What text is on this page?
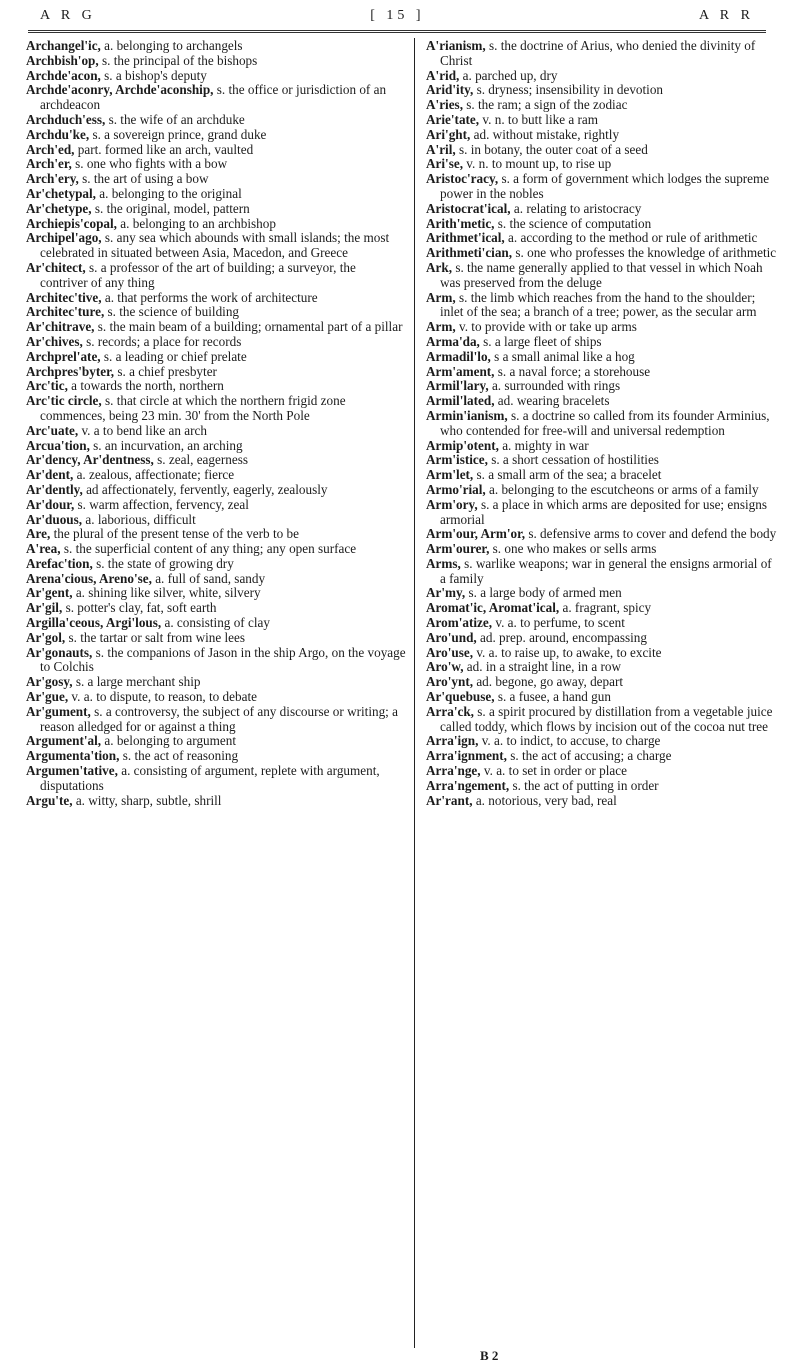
A R G	[ 15 ]	A R R

Archangel'ic, a. belonging to archangels

Archbish'op, s. the principal of the bishops

Archde'acon, s. a bishop's deputy

Archde'aconry, Archde'aconship, s. the office or jurisdiction of an archdeacon

Archduch'ess, s. the wife of an archduke

Archdu'ke, s. a sovereign prince, grand duke

Arch'ed, part. formed like an arch, vaulted

Arch'er, s. one who fights with a bow

Arch'ery, s. the art of using a bow

Ar'chetypal, a. belonging to the original

Ar'chetype, s. the original, model, pattern

Archiepis'copal, a. belonging to an archbishop

Archipel'ago, s. any sea which abounds with small islands; the most celebrated in situated between Asia, Macedon, and Greece

Ar'chitect, s. a professor of the art of building; a surveyor, the contriver of any thing

Architec'tive, a. that performs the work of architecture

Architec'ture, s. the science of building

Ar'chitrave, s. the main beam of a building; ornamental part of a pillar

Ar'chives, s. records; a place for records

Archprel'ate, s. a leading or chief prelate

Archpres'byter, s. a chief presbyter

Arc'tic, a towards the north, northern

Arc'tic circle, s. that circle at which the northern frigid zone commences, being 23 min. 30' from the North Pole

Arc'uate, v. a to bend like an arch

Arcua'tion, s. an incurvation, an arching

Ar'dency, Ar'dentness, s. zeal, eagerness

Ar'dent, a. zealous, affectionate; fierce

Ar'dently, ad affectionately, fervently, eagerly, zealously

Ar'dour, s. warm affection, fervency, zeal

Ar'duous, a. laborious, difficult

Are, the plural of the present tense of the verb to be

A'rea, s. the superficial content of any thing; any open surface

Arefac'tion, s. the state of growing dry

Arena'cious, Areno'se, a. full of sand, sandy

Ar'gent, a. shining like silver, white, silvery

Ar'gil, s. potter's clay, fat, soft earth

Argilla'ceous, Argi'lous, a. consisting of clay

Ar'gol, s. the tartar or salt from wine lees

Ar'gonauts, s. the companions of Jason in the ship Argo, on the voyage to Colchis

Ar'gosy, s. a large merchant ship

Ar'gue, v. a. to dispute, to reason, to debate

Ar'gument, s. a controversy, the subject of any discourse or writing; a reason alledged for or against a thing

Argument'al, a. belonging to argument

Argumenta'tion, s. the act of reasoning

Argumen'tative, a. consisting of argument, replete with argument, disputations

Argu'te, a. witty, sharp, subtle, shrill

A'rianism, s. the doctrine of Arius, who denied the divinity of Christ

A'rid, a. parched up, dry

Arid'ity, s. dryness; insensibility in devotion

A'ries, s. the ram; a sign of the zodiac

Arie'tate, v. n. to butt like a ram

Ari'ght, ad. without mistake, rightly

A'ril, s. in botany, the outer coat of a seed

Ari'se, v. n. to mount up, to rise up

Aristoc'racy, s. a form of government which lodges the supreme power in the nobles

Aristocrat'ical, a. relating to aristocracy

Arith'metic, s. the science of computation

Arithmet'ical, a. according to the method or rule of arithmetic

Arithmeti'cian, s. one who professes the knowledge of arithmetic

Ark, s. the name generally applied to that vessel in which Noah was preserved from the deluge

Arm, s. the limb which reaches from the hand to the shoulder; inlet of the sea; a branch of a tree; power, as the secular arm

Arm, v. to provide with or take up arms

Arma'da, s. a large fleet of ships

Armadil'lo, s a small animal like a hog

Arm'ament, s. a naval force; a storehouse

Armil'lary, a. surrounded with rings

Armil'lated, ad. wearing bracelets

Armin'ianism, s. a doctrine so called from its founder Arminius, who contended for free-will and universal redemption

Armip'otent, a. mighty in war

Arm'istice, s. a short cessation of hostilities

Arm'let, s. a small arm of the sea; a bracelet

Armo'rial, a. belonging to the escutcheons or arms of a family

Arm'ory, s. a place in which arms are deposited for use; ensigns armorial

Arm'our, Arm'or, s. defensive arms to cover and defend the body

Arm'ourer, s. one who makes or sells arms

Arms, s. warlike weapons; war in general the ensigns armorial of a family

Ar'my, s. a large body of armed men

Aromat'ic, Aromat'ical, a. fragrant, spicy

Arom'atize, v. a. to perfume, to scent

Aro'und, ad. prep. around, encompassing

Aro'use, v. a. to raise up, to awake, to excite

Aro'w, ad. in a straight line, in a row

Aro'ynt, ad. begone, go away, depart

Ar'quebuse, s. a fusee, a hand gun

Arra'ck, s. a spirit procured by distillation from a vegetable juice called toddy, which flows by incision out of the cocoa nut tree

Arra'ign, v. a. to indict, to accuse, to charge

Arra'ignment, s. the act of accusing; a charge

Arra'nge, v. a. to set in order or place

Arra'ngement, s. the act of putting in order

Ar'rant, a. notorious, very bad, real

B 2
